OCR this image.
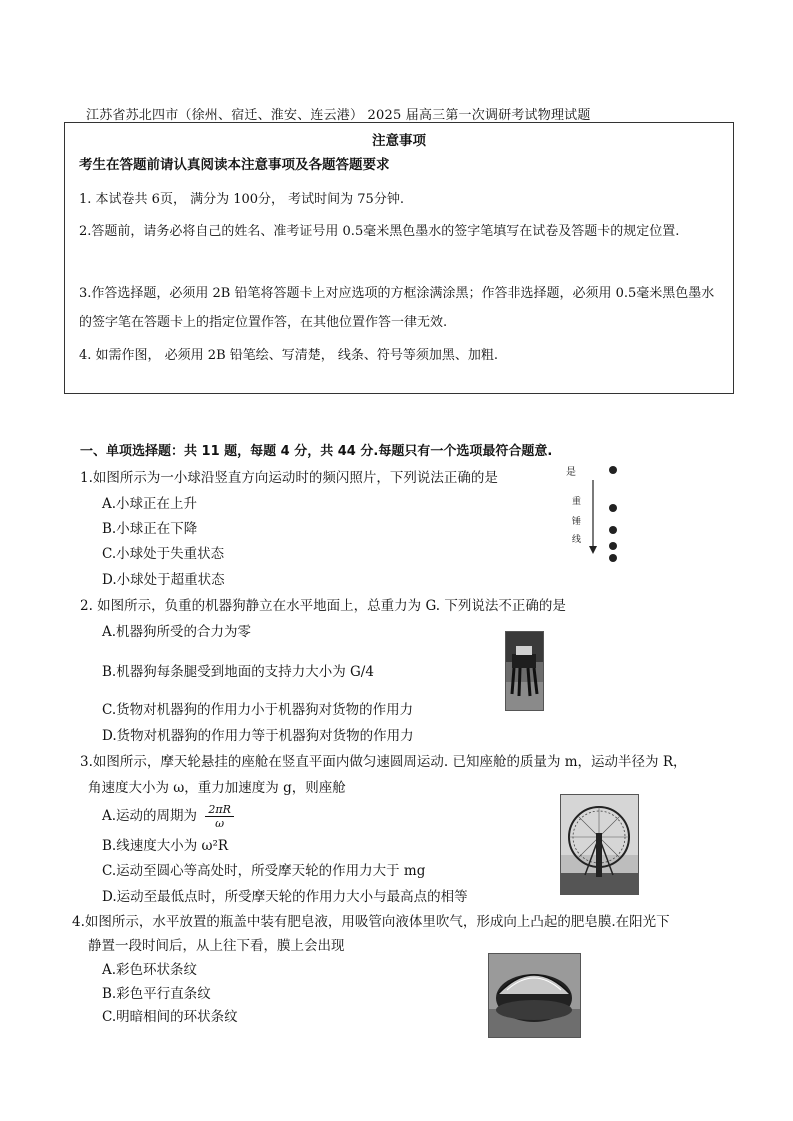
江苏省苏北四市（徐州、宿迁、淮安、连云港） 2025 届高三第一次调研考试物理试题
注意事项
考生在答题前请认真阅读本注意事项及各题答题要求
1. 本试卷共 6页， 满分为 100分， 考试时间为 75分钟.
2.答题前，请务必将自己的姓名、准考证号用 0.5毫米黑色墨水的签字笔填写在试卷及答题卡的规定位置.
3.作答选择题，必须用 2B 铅笔将答题卡上对应选项的方框涂满涂黑；作答非选择题，必须用 0.5毫米黑色墨水的签字笔在答题卡上的指定位置作答，在其他位置作答一律无效.
4. 如需作图， 必须用 2B 铅笔绘、写清楚， 线条、符号等须加黑、加粗.
一、单项选择题：共 11 题，每题 4 分，共 44 分.每题只有一个选项最符合题意.
1.如图所示为一小球沿竖直方向运动时的频闪照片，下列说法正确的是
A.小球正在上升
B.小球正在下降
C.小球处于失重状态
D.小球处于超重状态
是
重
锤
线
2. 如图所示，负重的机器狗静立在水平地面上，总重力为 G. 下列说法不正确的是
A.机器狗所受的合力为零
B.机器狗每条腿受到地面的支持力大小为 G/4
C.货物对机器狗的作用力小于机器狗对货物的作用力
D.货物对机器狗的作用力等于机器狗对货物的作用力
3.如图所示，摩天轮悬挂的座舱在竖直平面内做匀速圆周运动. 已知座舱的质量为 m，运动半径为 R，
角速度大小为 ω，重力加速度为 g，则座舱
A.运动的周期为 $\frac{2\pi R}{\omega}$
B.线速度大小为 ω²R
C.运动至圆心等高处时，所受摩天轮的作用力大于 mg
D.运动至最低点时，所受摩天轮的作用力大小与最高点的相等
4.如图所示，水平放置的瓶盖中装有肥皂液，用吸管向液体里吹气，形成向上凸起的肥皂膜.在阳光下
静置一段时间后，从上往下看，膜上会出现
A.彩色环状条纹
B.彩色平行直条纹
C.明暗相间的环状条纹
